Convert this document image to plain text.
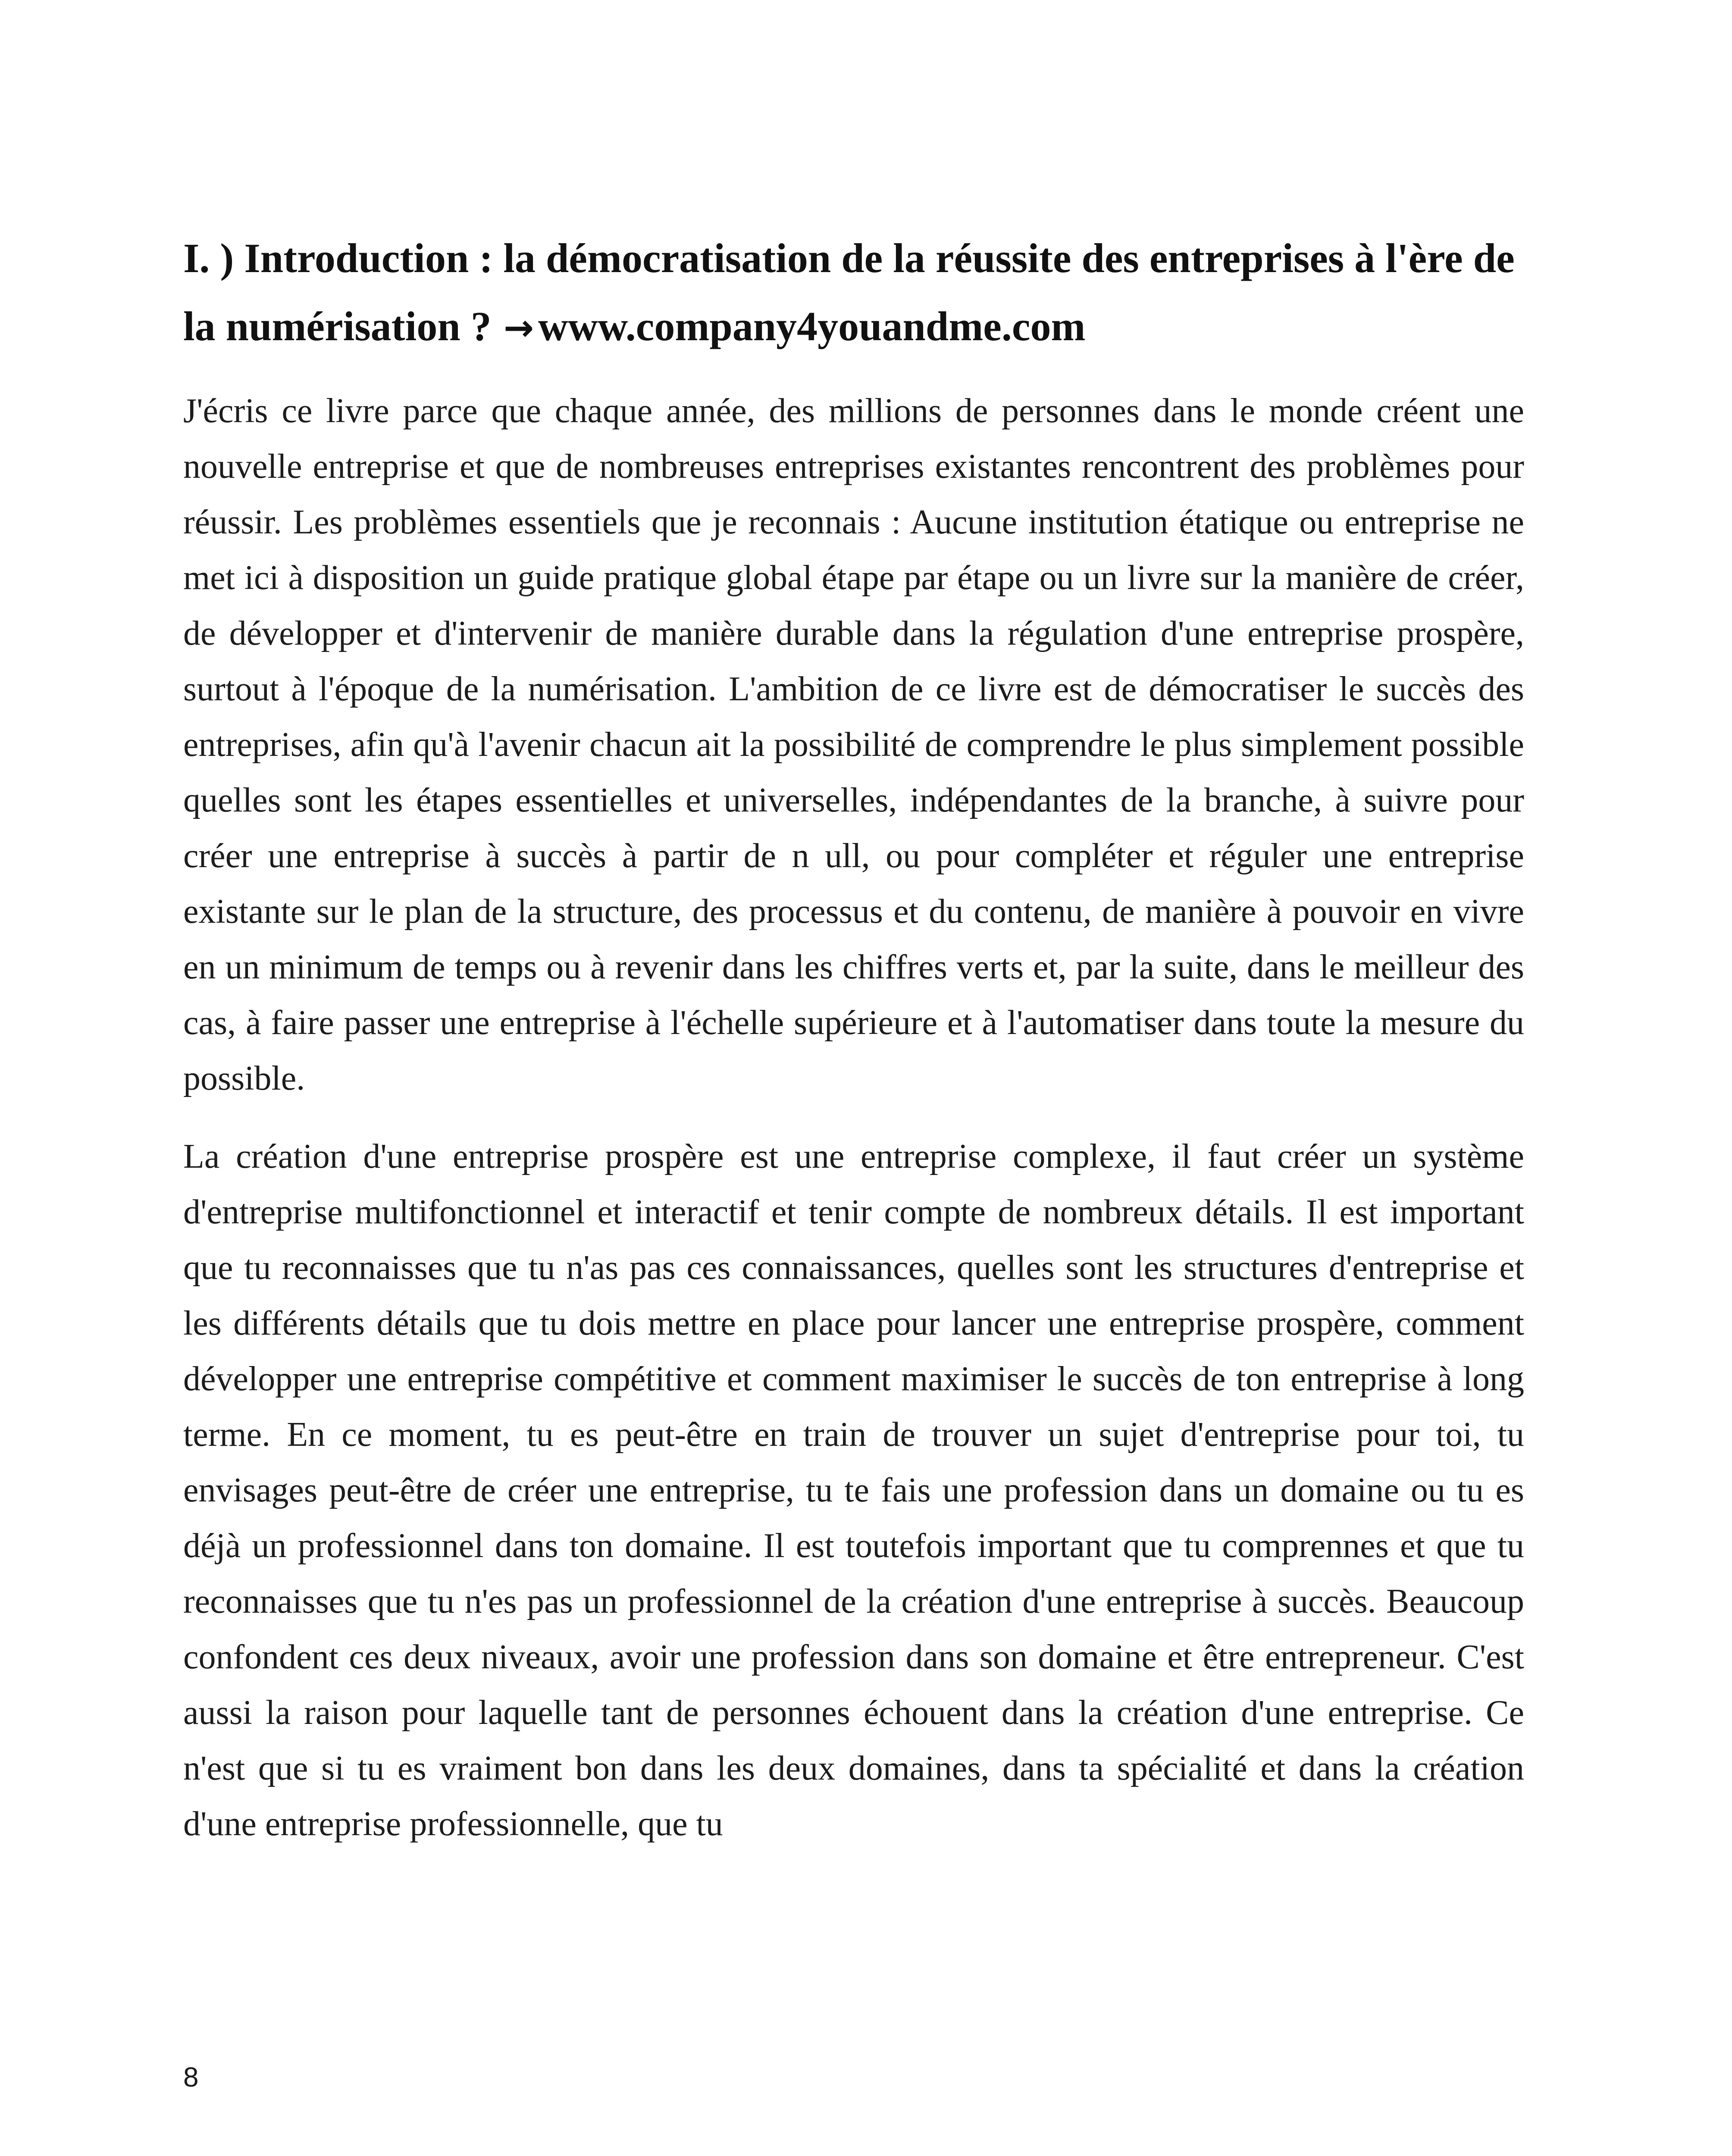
I. ) Introduction : la démocratisation de la réussite des entreprises à l'ère de la numérisation ? → www.company4youandme.com

J'écris ce livre parce que chaque année, des millions de personnes dans le monde créent une nouvelle entreprise et que de nombreuses entreprises existantes rencontrent des problèmes pour réussir. Les problèmes essentiels que je reconnais : Aucune institution étatique ou entreprise ne met ici à disposition un guide pratique global étape par étape ou un livre sur la manière de créer, de développer et d'intervenir de manière durable dans la régulation d'une entreprise prospère, surtout à l'époque de la numérisation. L'ambition de ce livre est de démocratiser le succès des entreprises, afin qu'à l'avenir chacun ait la possibilité de comprendre le plus simplement possible quelles sont les étapes essentielles et universelles, indépendantes de la branche, à suivre pour créer une entreprise à succès à partir de n ull, ou pour compléter et réguler une entreprise existante sur le plan de la structure, des processus et du contenu, de manière à pouvoir en vivre en un minimum de temps ou à revenir dans les chiffres verts et, par la suite, dans le meilleur des cas, à faire passer une entreprise à l'échelle supérieure et à l'automatiser dans toute la mesure du possible.

La création d'une entreprise prospère est une entreprise complexe, il faut créer un système d'entreprise multifonctionnel et interactif et tenir compte de nombreux détails. Il est important que tu reconnaisses que tu n'as pas ces connaissances, quelles sont les structures d'entreprise et les différents détails que tu dois mettre en place pour lancer une entreprise prospère, comment développer une entreprise compétitive et comment maximiser le succès de ton entreprise à long terme. En ce moment, tu es peut-être en train de trouver un sujet d'entreprise pour toi, tu envisages peut-être de créer une entreprise, tu te fais une profession dans un domaine ou tu es déjà un professionnel dans ton domaine. Il est toutefois important que tu comprennes et que tu reconnaisses que tu n'es pas un professionnel de la création d'une entreprise à succès. Beaucoup confondent ces deux niveaux, avoir une profession dans son domaine et être entrepreneur. C'est aussi la raison pour laquelle tant de personnes échouent dans la création d'une entreprise. Ce n'est que si tu es vraiment bon dans les deux domaines, dans ta spécialité et dans la création d'une entreprise professionnelle, que tu

8
